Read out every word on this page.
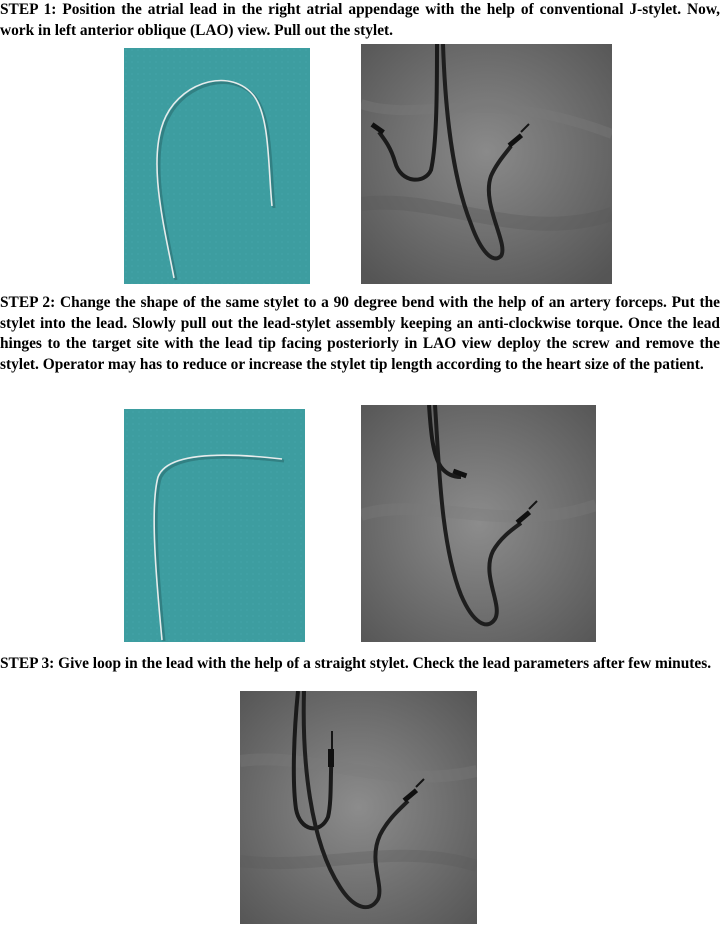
STEP 1: Position the atrial lead in the right atrial appendage with the help of conventional J-stylet. Now, work in left anterior oblique (LAO) view. Pull out the stylet.

STEP 2: Change the shape of the same stylet to a 90 degree bend with the help of an artery forceps. Put the stylet into the lead. Slowly pull out the lead-stylet assembly keeping an anti-clockwise torque. Once the lead hinges to the target site with the lead tip facing posteriorly in LAO view deploy the screw and remove the stylet. Operator may has to reduce or increase the stylet tip length according to the heart size of the patient.

STEP 3: Give loop in the lead with the help of a straight stylet. Check the lead parameters after few minutes.
